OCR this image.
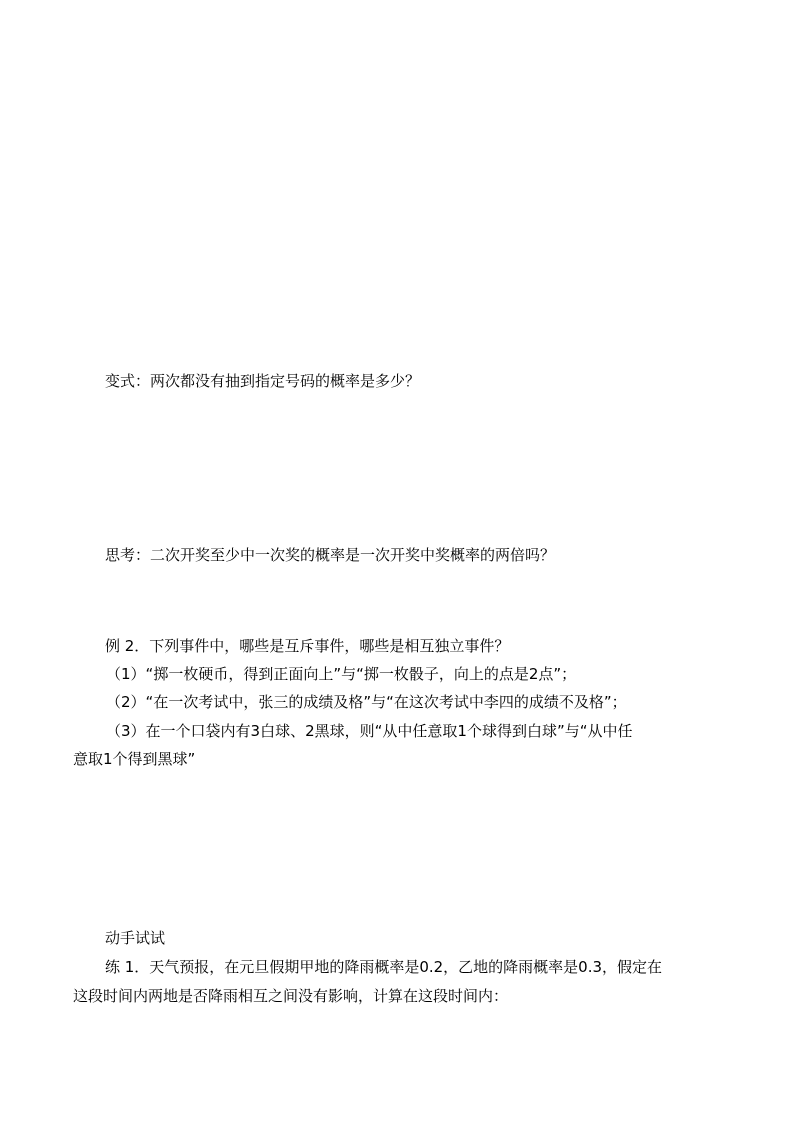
变式：两次都没有抽到指定号码的概率是多少？
思考：二次开奖至少中一次奖的概率是一次开奖中奖概率的两倍吗？
例 2．下列事件中，哪些是互斥事件，哪些是相互独立事件？
（1）“掷一枚硬币，得到正面向上”与“掷一枚骰子，向上的点是2点”；
（2）“在一次考试中，张三的成绩及格”与“在这次考试中李四的成绩不及格”；
（3）在一个口袋内有3白球、2黑球，则“从中任意取1个球得到白球”与“从中任
意取1个得到黑球”
动手试试
练 1．天气预报，在元旦假期甲地的降雨概率是0.2，乙地的降雨概率是0.3，假定在
这段时间内两地是否降雨相互之间没有影响，计算在这段时间内：
